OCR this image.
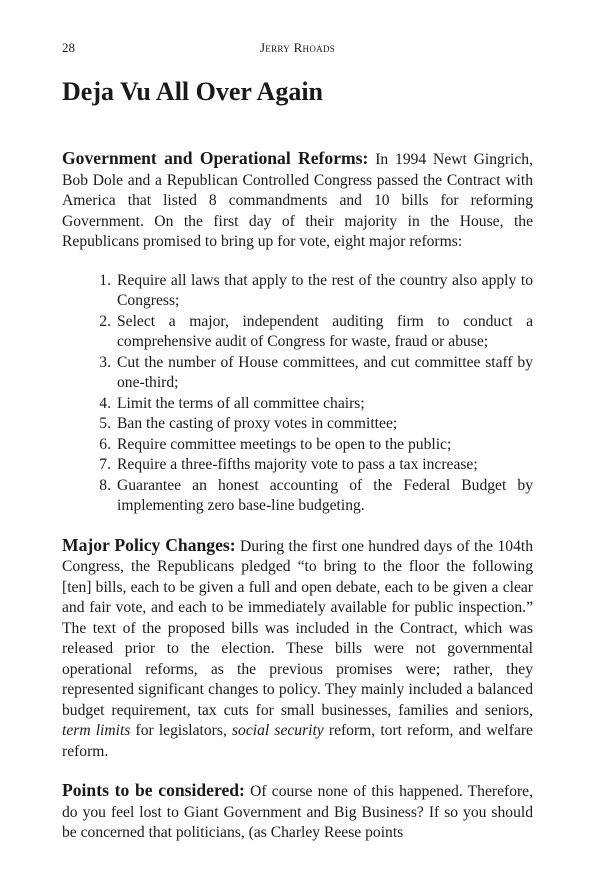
28	Jerry Rhoads
Deja Vu All Over Again

Government and Operational Reforms: In 1994 Newt Gingrich, Bob Dole and a Republican Controlled Congress passed the Contract with America that listed 8 commandments and 10 bills for reforming Government. On the first day of their majority in the House, the Republicans promised to bring up for vote, eight major reforms:

1. Require all laws that apply to the rest of the country also apply to Congress;
2. Select a major, independent auditing firm to conduct a comprehensive audit of Congress for waste, fraud or abuse;
3. Cut the number of House committees, and cut committee staff by one-third;
4. Limit the terms of all committee chairs;
5. Ban the casting of proxy votes in committee;
6. Require committee meetings to be open to the public;
7. Require a three-fifths majority vote to pass a tax increase;
8. Guarantee an honest accounting of the Federal Budget by implementing zero base-line budgeting.

Major Policy Changes: During the first one hundred days of the 104th Congress, the Republicans pledged “to bring to the floor the following [ten] bills, each to be given a full and open debate, each to be given a clear and fair vote, and each to be immediately available for public inspection.” The text of the proposed bills was included in the Contract, which was released prior to the election. These bills were not governmental operational reforms, as the previous promises were; rather, they represented significant changes to policy. They mainly included a balanced budget requirement, tax cuts for small businesses, families and seniors, term limits for legislators, social security reform, tort reform, and welfare reform.

Points to be considered: Of course none of this happened. Therefore, do you feel lost to Giant Government and Big Business? If so you should be concerned that politicians, (as Charley Reese points
